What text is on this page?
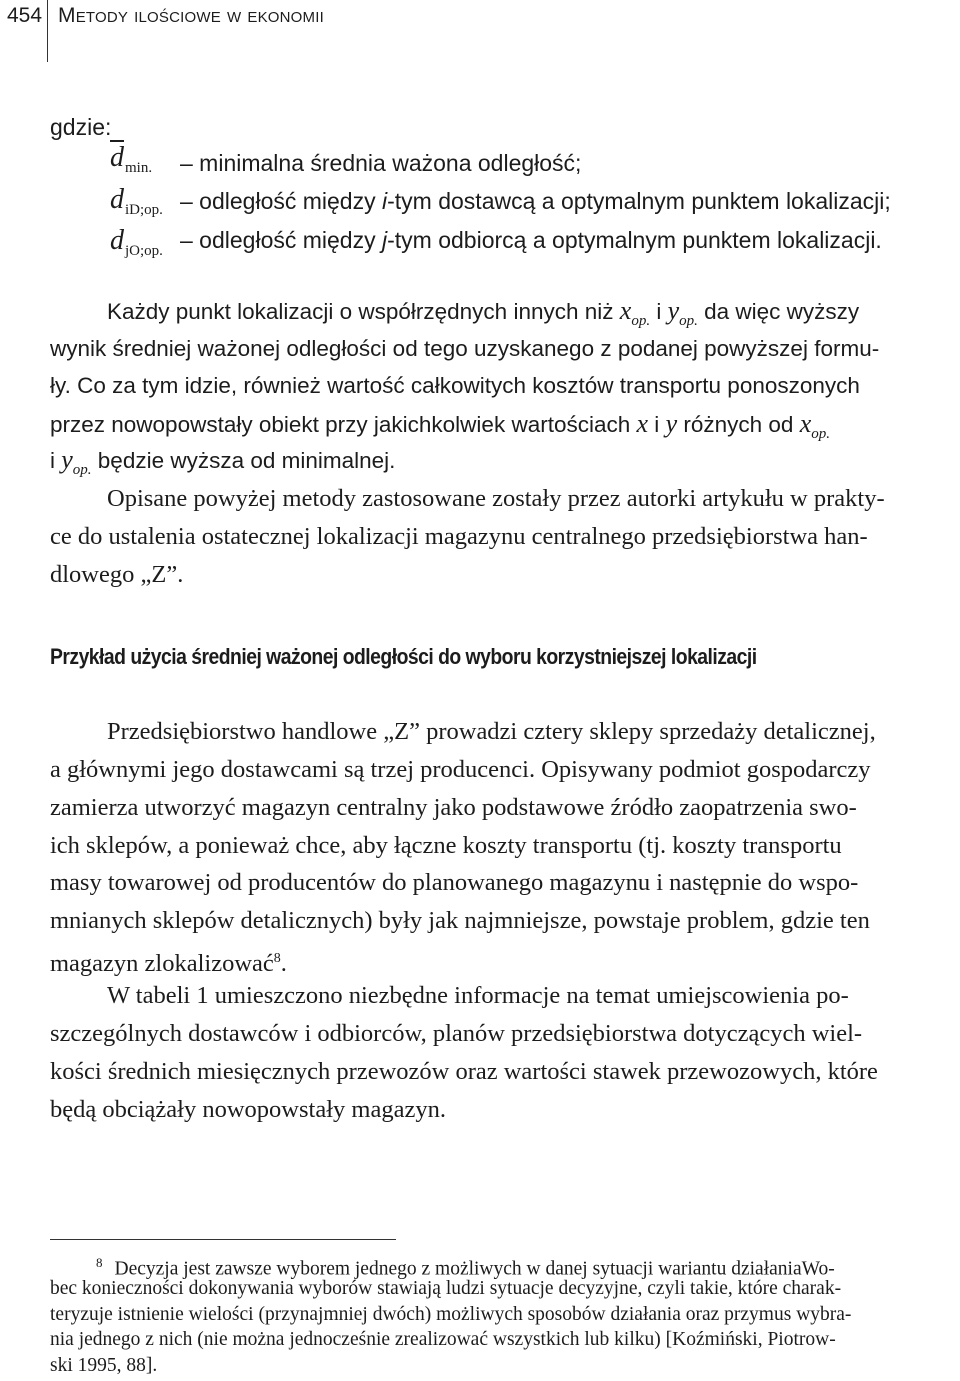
454 Metody ilościowe w ekonomii
gdzie:
$\overline{d}_{min.}$ – minimalna średnia ważona odległość;
$d_{iD;op.}$ – odległość między i-tym dostawcą a optymalnym punktem lokalizacji;
$d_{jO;op.}$ – odległość między j-tym odbiorcą a optymalnym punktem lokalizacji.
Każdy punkt lokalizacji o współrzędnych innych niż $x_{op.}$ i $y_{op.}$ da więc wyższy
wynik średniej ważonej odległości od tego uzyskanego z podanej powyższej formu-
ły. Co za tym idzie, również wartość całkowitych kosztów transportu ponoszonych
przez nowopowstały obiekt przy jakichkolwiek wartościach x i y różnych od $x_{op.}$
i $y_{op.}$ będzie wyższa od minimalnej.
Opisane powyżej metody zastosowane zostały przez autorki artykułu w prakty-
ce do ustalenia ostatecznej lokalizacji magazynu centralnego przedsiębiorstwa han-
dlowego „Z”.
Przykład użycia średniej ważonej odległości do wyboru korzystniejszej lokalizacji
Przedsiębiorstwo handlowe „Z” prowadzi cztery sklepy sprzedaży detalicznej,
a głównymi jego dostawcami są trzej producenci. Opisywany podmiot gospodarczy
zamierza utworzyć magazyn centralny jako podstawowe źródło zaopatrzenia swo-
ich sklepów, a ponieważ chce, aby łączne koszty transportu (tj. koszty transportu
masy towarowej od producentów do planowanego magazynu i następnie do wspo-
mnianych sklepów detalicznych) były jak najmniejsze, powstaje problem, gdzie ten
magazyn zlokalizować$^8$.
W tabeli 1 umieszczono niezbędne informacje na temat umiejscowienia po-
szczególnych dostawców i odbiorców, planów przedsiębiorstwa dotyczących wiel-
kości średnich miesięcznych przewozów oraz wartości stawek przewozowych, które
będą obciążały nowopowstały magazyn.
$^8$ Decyzja jest zawsze wyborem jednego z możliwych w danej sytuacji wariantu działaniaWo-
bec konieczności dokonywania wyborów stawiają ludzi sytuacje decyzyjne, czyli takie, które charak-
teryzuje istnienie wielości (przynajmniej dwóch) możliwych sposobów działania oraz przymus wybra-
nia jednego z nich (nie można jednocześnie zrealizować wszystkich lub kilku) [Koźmiński, Piotrow-
ski 1995, 88].
